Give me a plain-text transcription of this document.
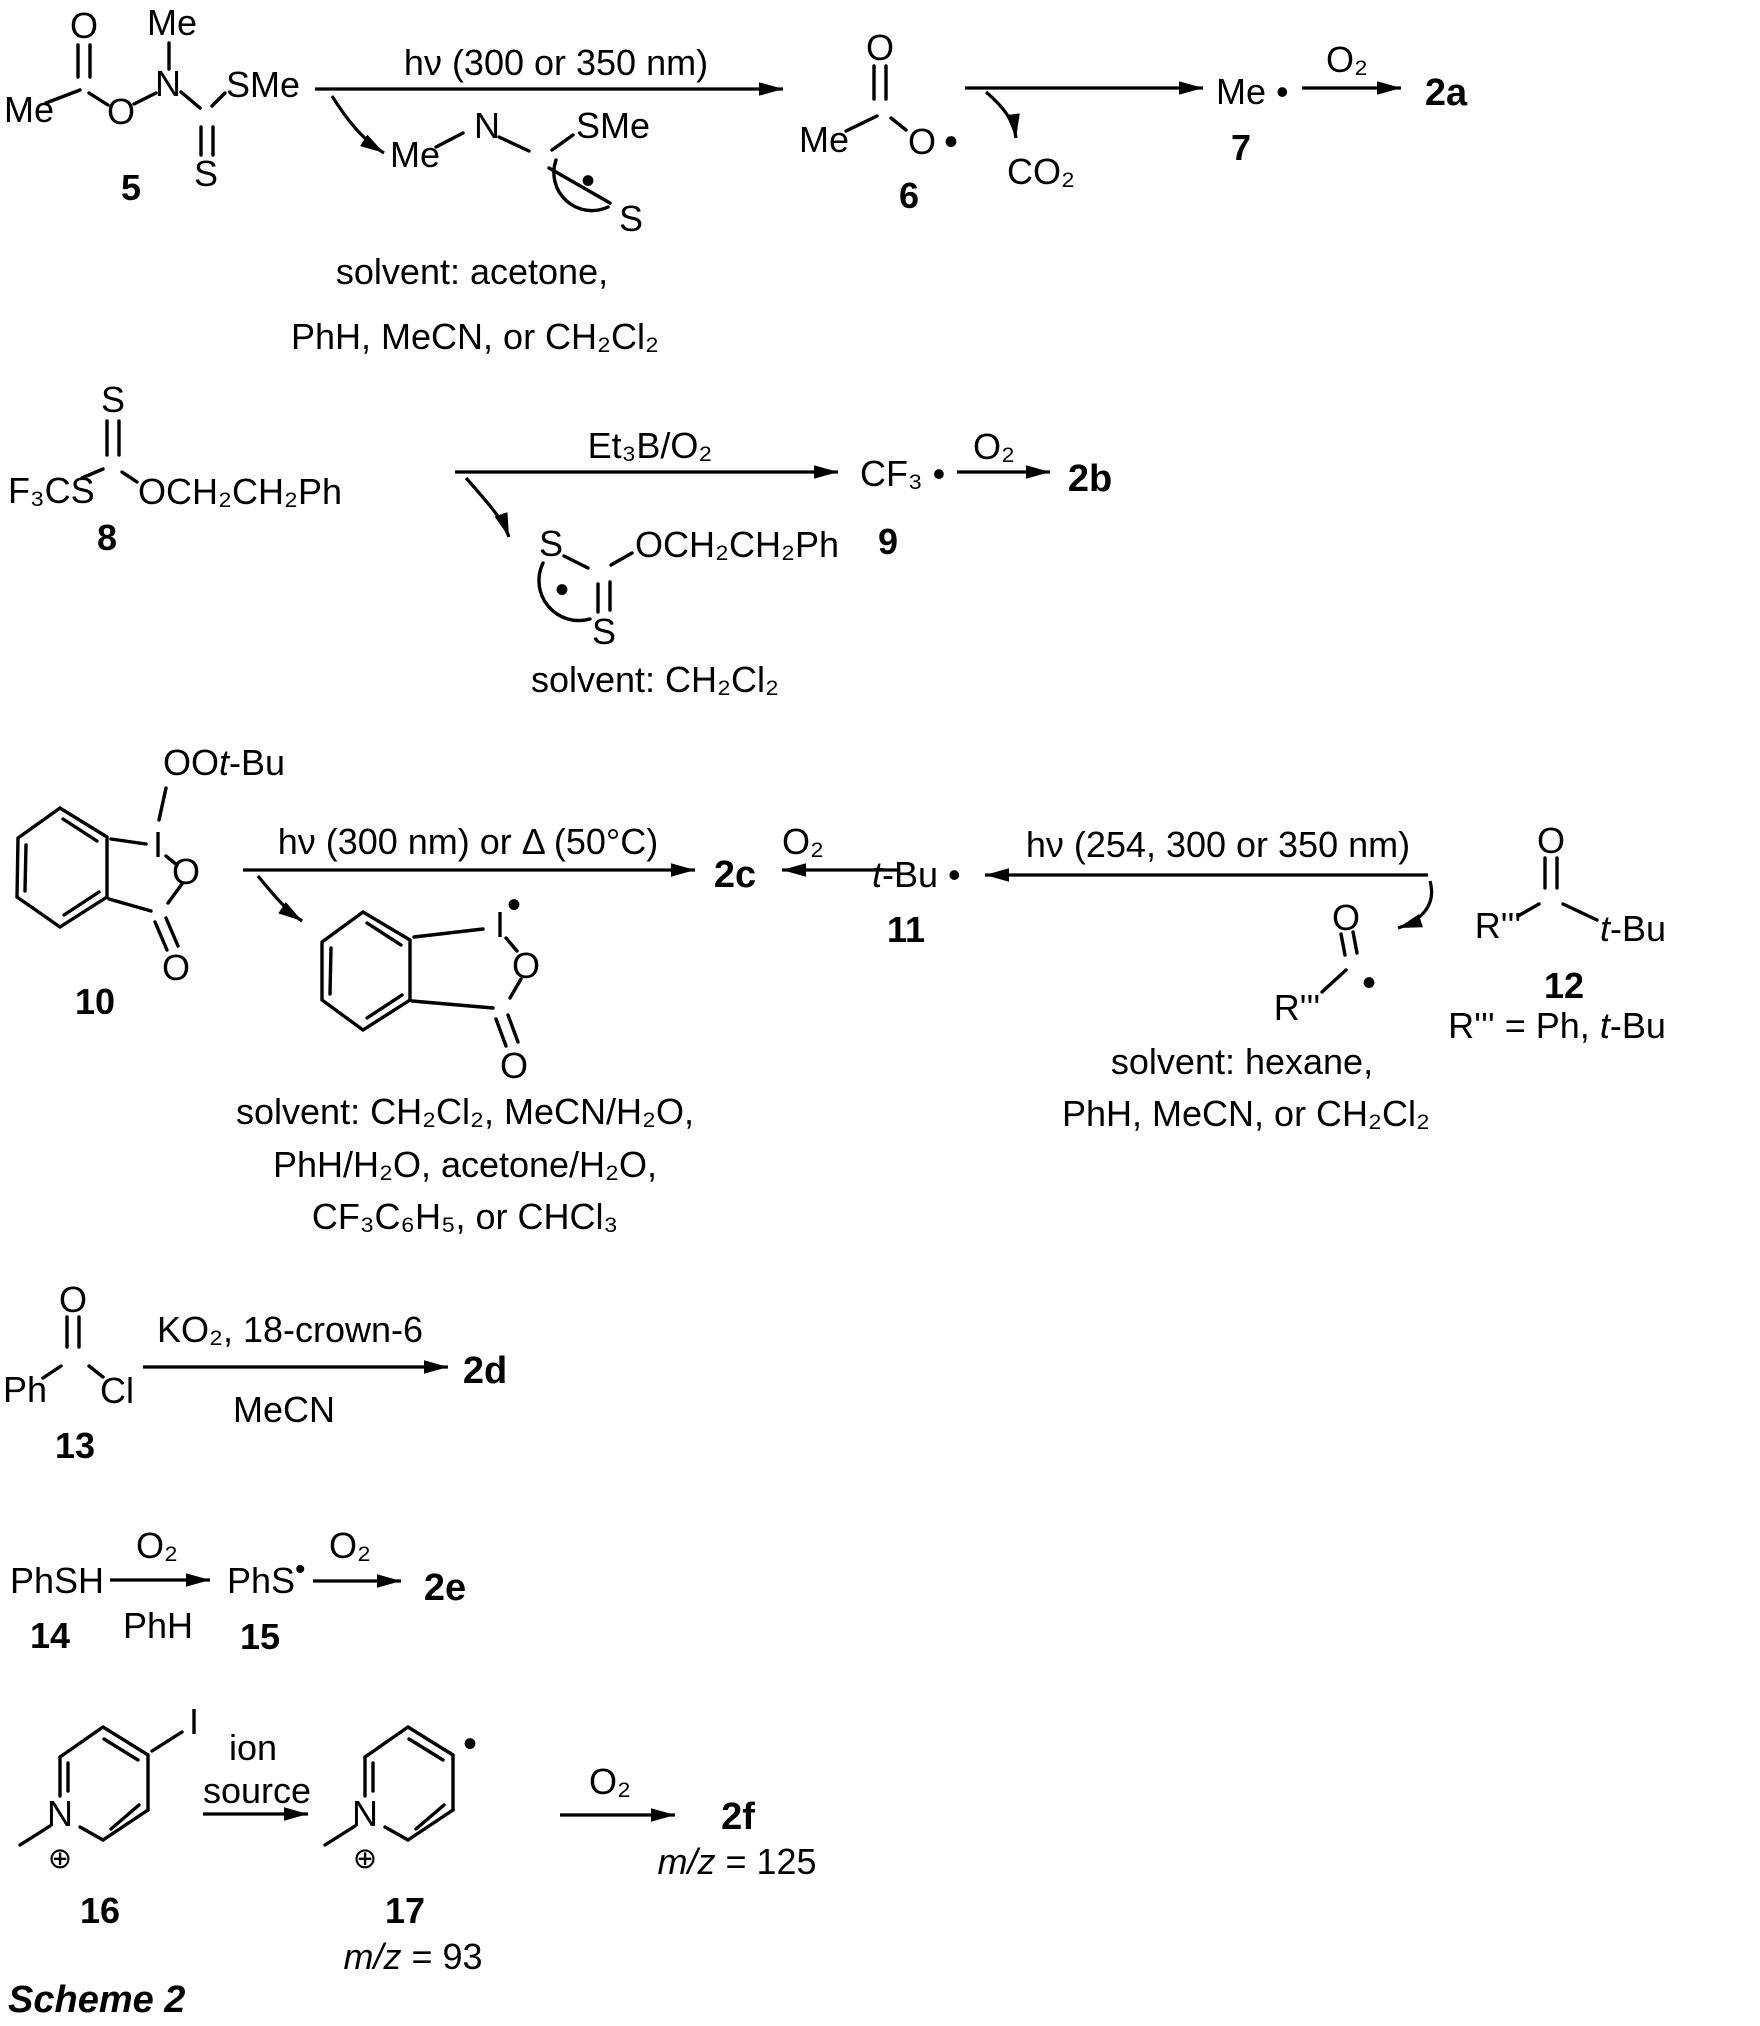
Me
O
O
N
Me
SMe
S
5
hν (300 or 350 nm)
Me
N SMe
S
•
solvent: acetone,
PhH, MeCN, or CH₂Cl₂
Me
O
O •
6
CO₂
Me •
7
O₂
2a
S
F₃CS OCH₂CH₂Ph
8
Et₃B/O₂
S OCH₂CH₂Ph
S
•
solvent: CH₂Cl₂
CF₃ •
9
O₂
2b
OOt-Bu
I
O
O
10
hν (300 nm) or Δ (50°C)
I •
O
O
solvent: CH₂Cl₂, MeCN/H₂O,
PhH/H₂O, acetone/H₂O,
CF₃C₆H₅, or CHCl₃
2c
O₂
t-Bu •
11
hν (254, 300 or 350 nm)
O
R'''
•
O
R''' t-Bu
12
R''' = Ph, t-Bu
solvent: hexane,
PhH, MeCN, or CH₂Cl₂
O
Ph Cl
13
KO₂, 18-crown-6
MeCN
2d
PhSH
14
O₂
PhH
PhS•
15
O₂
2e
I
N
⊕
16
ion
source
•
N
⊕
17
m/z = 93
O₂
2f
m/z = 125
Scheme 2
